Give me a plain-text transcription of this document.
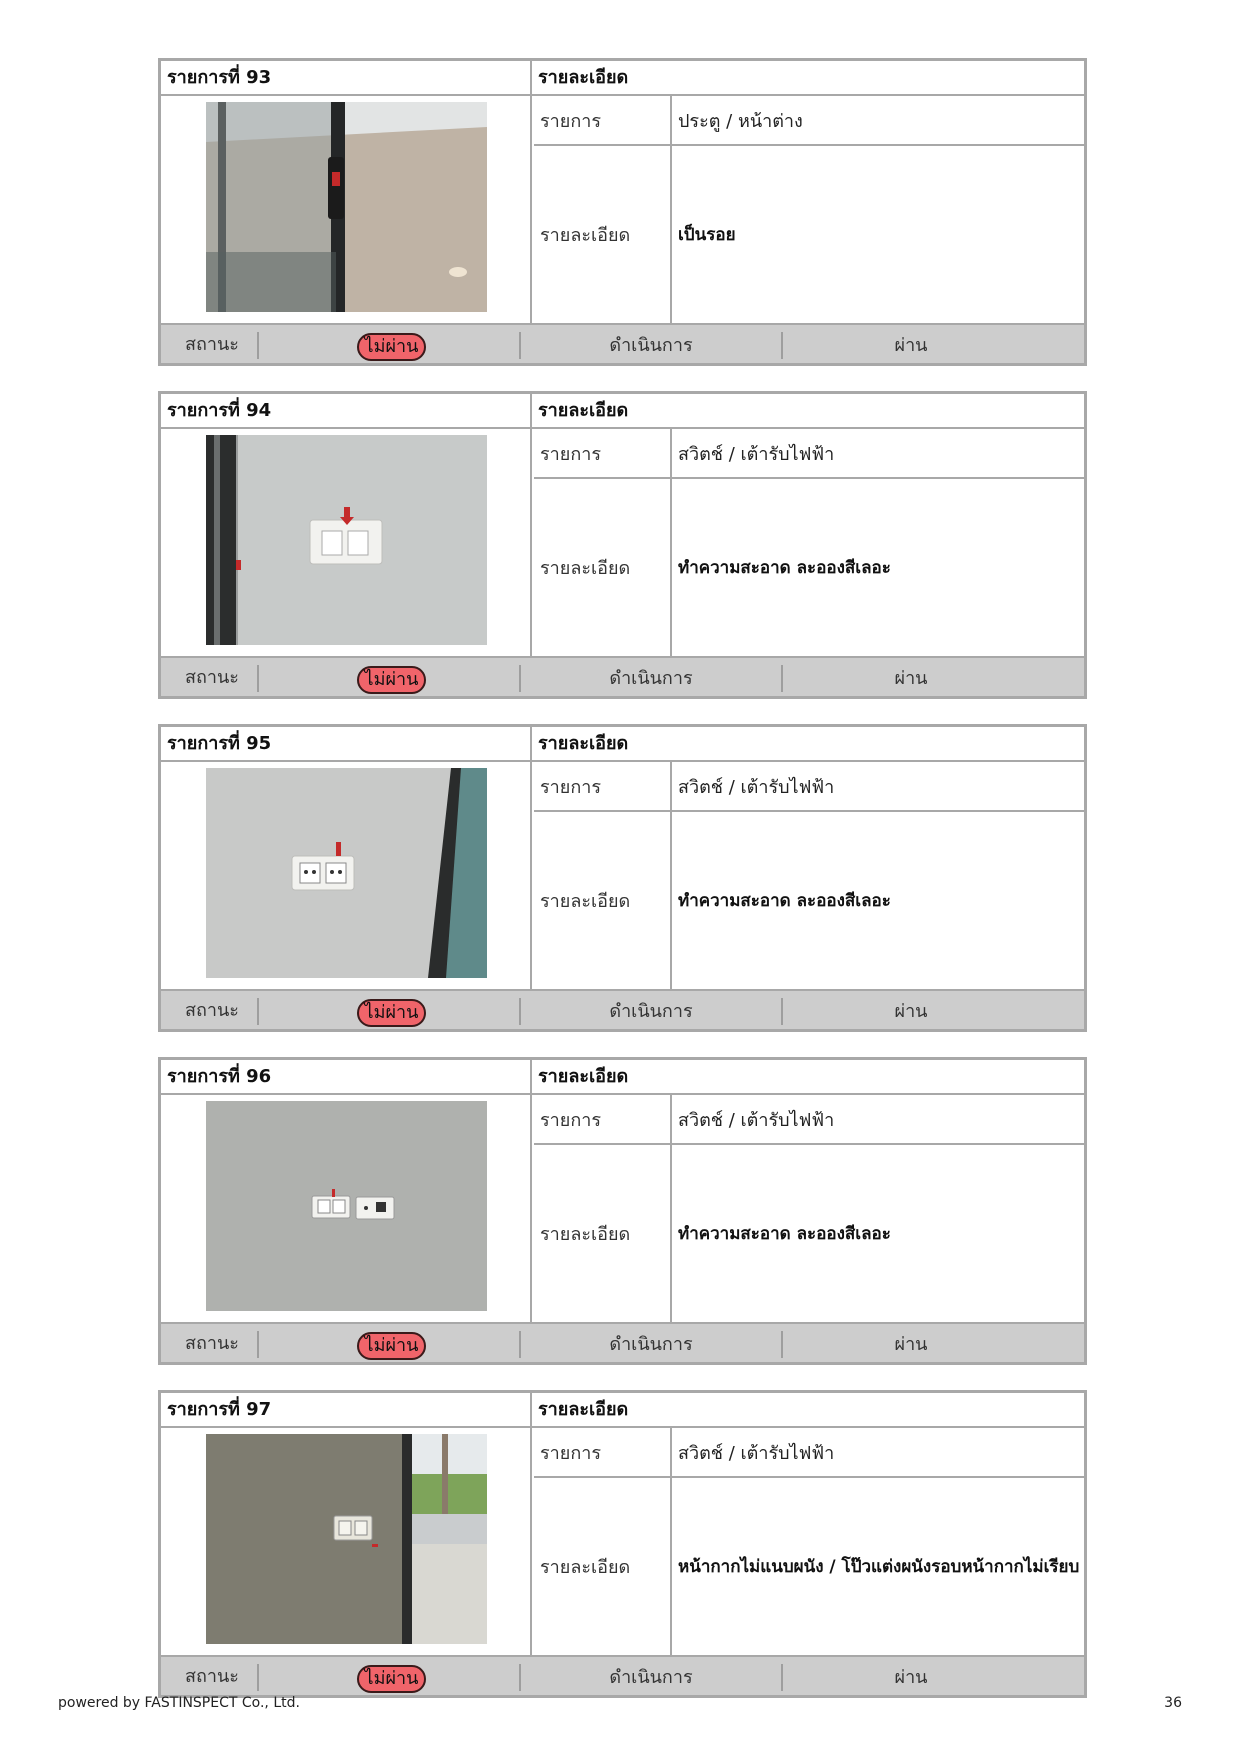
รายการที่ 93	รายละเอียด
รายการ	ประตู / หน้าต่าง
รายละเอียด	เป็นรอย
สถานะ	ไม่ผ่าน	ดำเนินการ	ผ่าน
รายการที่ 94	รายละเอียด
รายการ	สวิตช์ / เต้ารับไฟฟ้า
รายละเอียด	ทำความสะอาด ละอองสีเลอะ
สถานะ	ไม่ผ่าน	ดำเนินการ	ผ่าน
รายการที่ 95	รายละเอียด
รายการ	สวิตช์ / เต้ารับไฟฟ้า
รายละเอียด	ทำความสะอาด ละอองสีเลอะ
สถานะ	ไม่ผ่าน	ดำเนินการ	ผ่าน
รายการที่ 96	รายละเอียด
รายการ	สวิตช์ / เต้ารับไฟฟ้า
รายละเอียด	ทำความสะอาด ละอองสีเลอะ
สถานะ	ไม่ผ่าน	ดำเนินการ	ผ่าน
รายการที่ 97	รายละเอียด
รายการ	สวิตช์ / เต้ารับไฟฟ้า
รายละเอียด	หน้ากากไม่แนบผนัง / โป๊วแต่งผนังรอบหน้ากากไม่เรียบ
สถานะ	ไม่ผ่าน	ดำเนินการ	ผ่าน
powered by FASTINSPECT Co., Ltd.	36
